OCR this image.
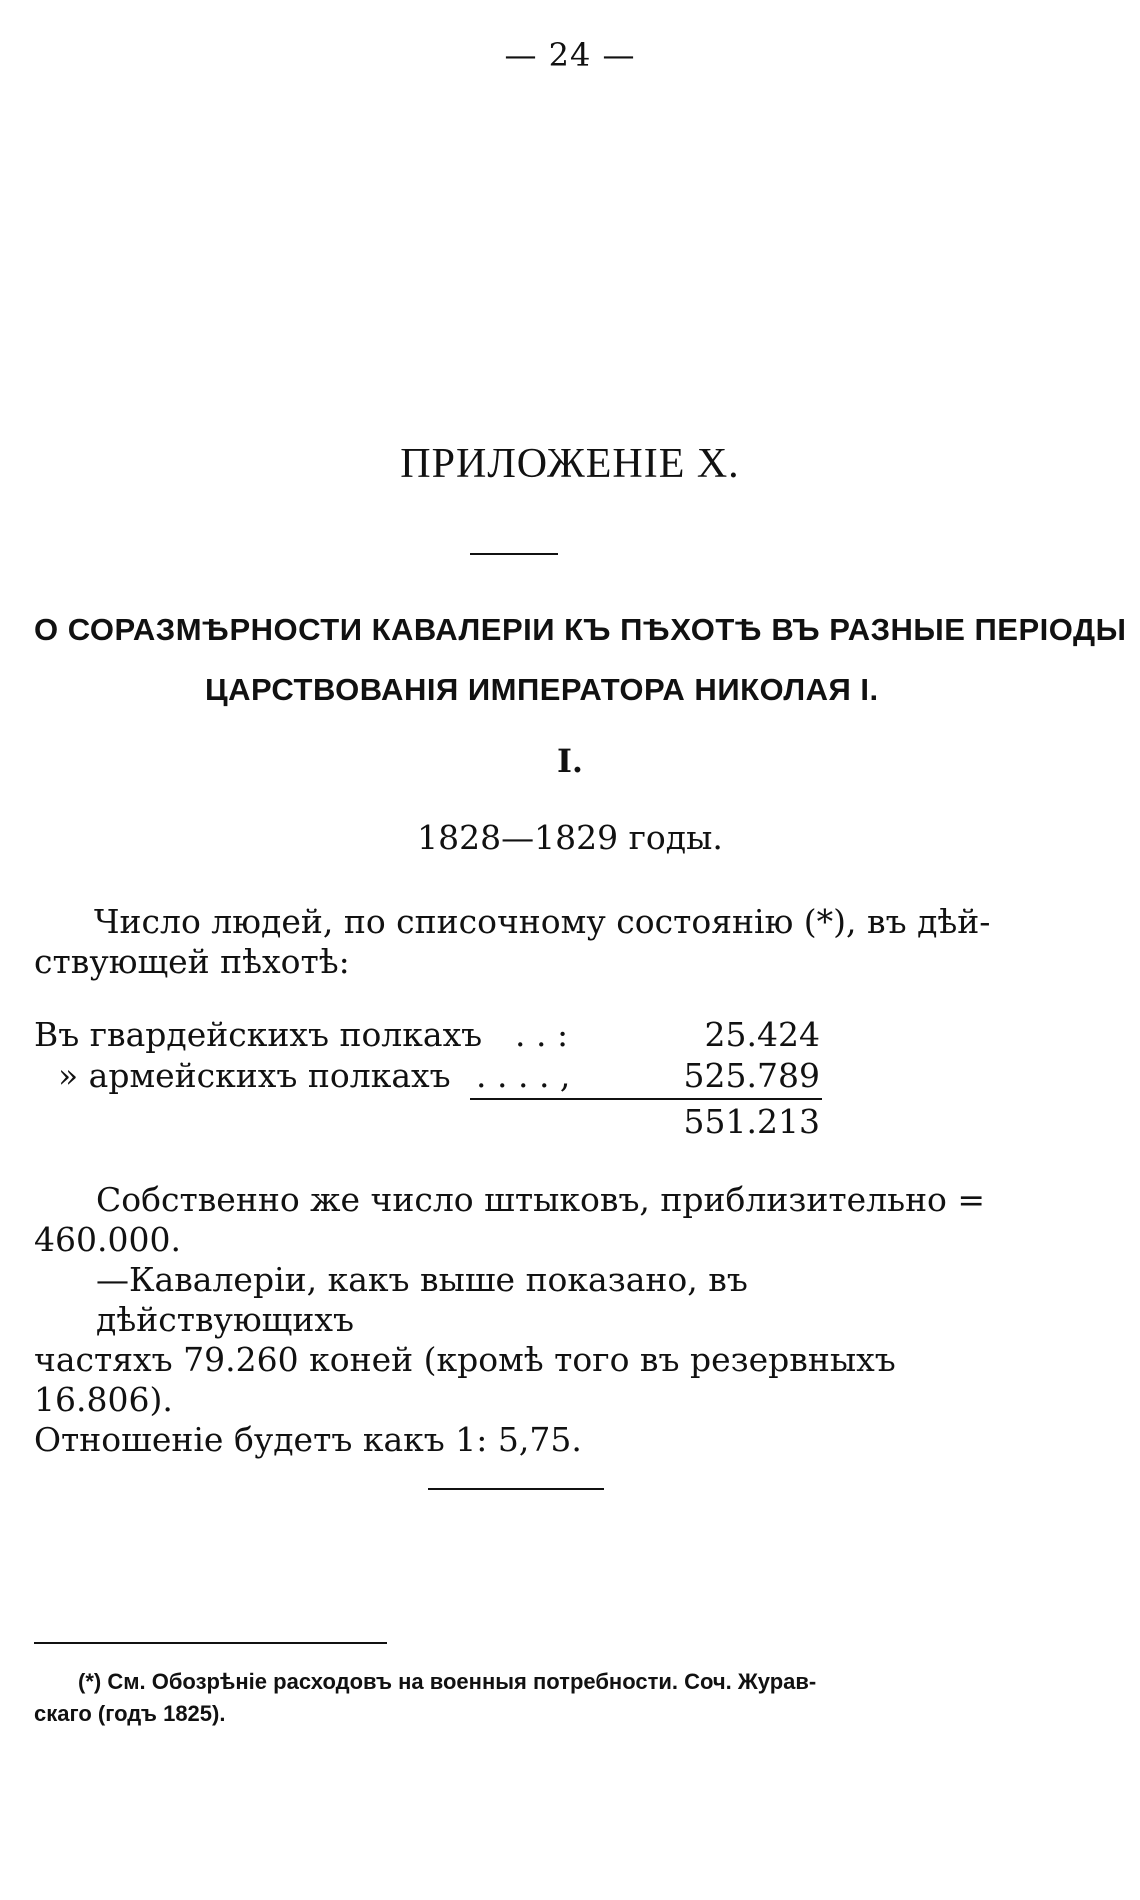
— 24 —
ПРИЛОЖЕНІЕ X.
О СОРАЗМѢРНОСТИ КАВАЛЕРІИ КЪ ПѢХОТѢ ВЪ РАЗНЫЕ ПЕРІОДЫ
ЦАРСТВОВАНІЯ ИМПЕРАТОРА НИКОЛАЯ I.
I.
1828—1829 годы.
Число людей, по списочному состоянію (*), въ дѣй-
ствующей пѣхотѣ:
Въ гвардейскихъ полкахъ . . :	25.424
» армейскихъ полкахъ . . . . ,	525.789
551.213
Собственно же число штыковъ, приблизительно =
460.000.
—Кавалеріи, какъ выше показано, въ дѣйствующихъ
частяхъ 79.260 коней (кромѣ того въ резервныхъ 16.806).
Отношеніе будетъ какъ 1: 5,75.
(*) См. Обозрѣніе расходовъ на военныя потребности. Соч. Журав-
скаго (годъ 1825).
